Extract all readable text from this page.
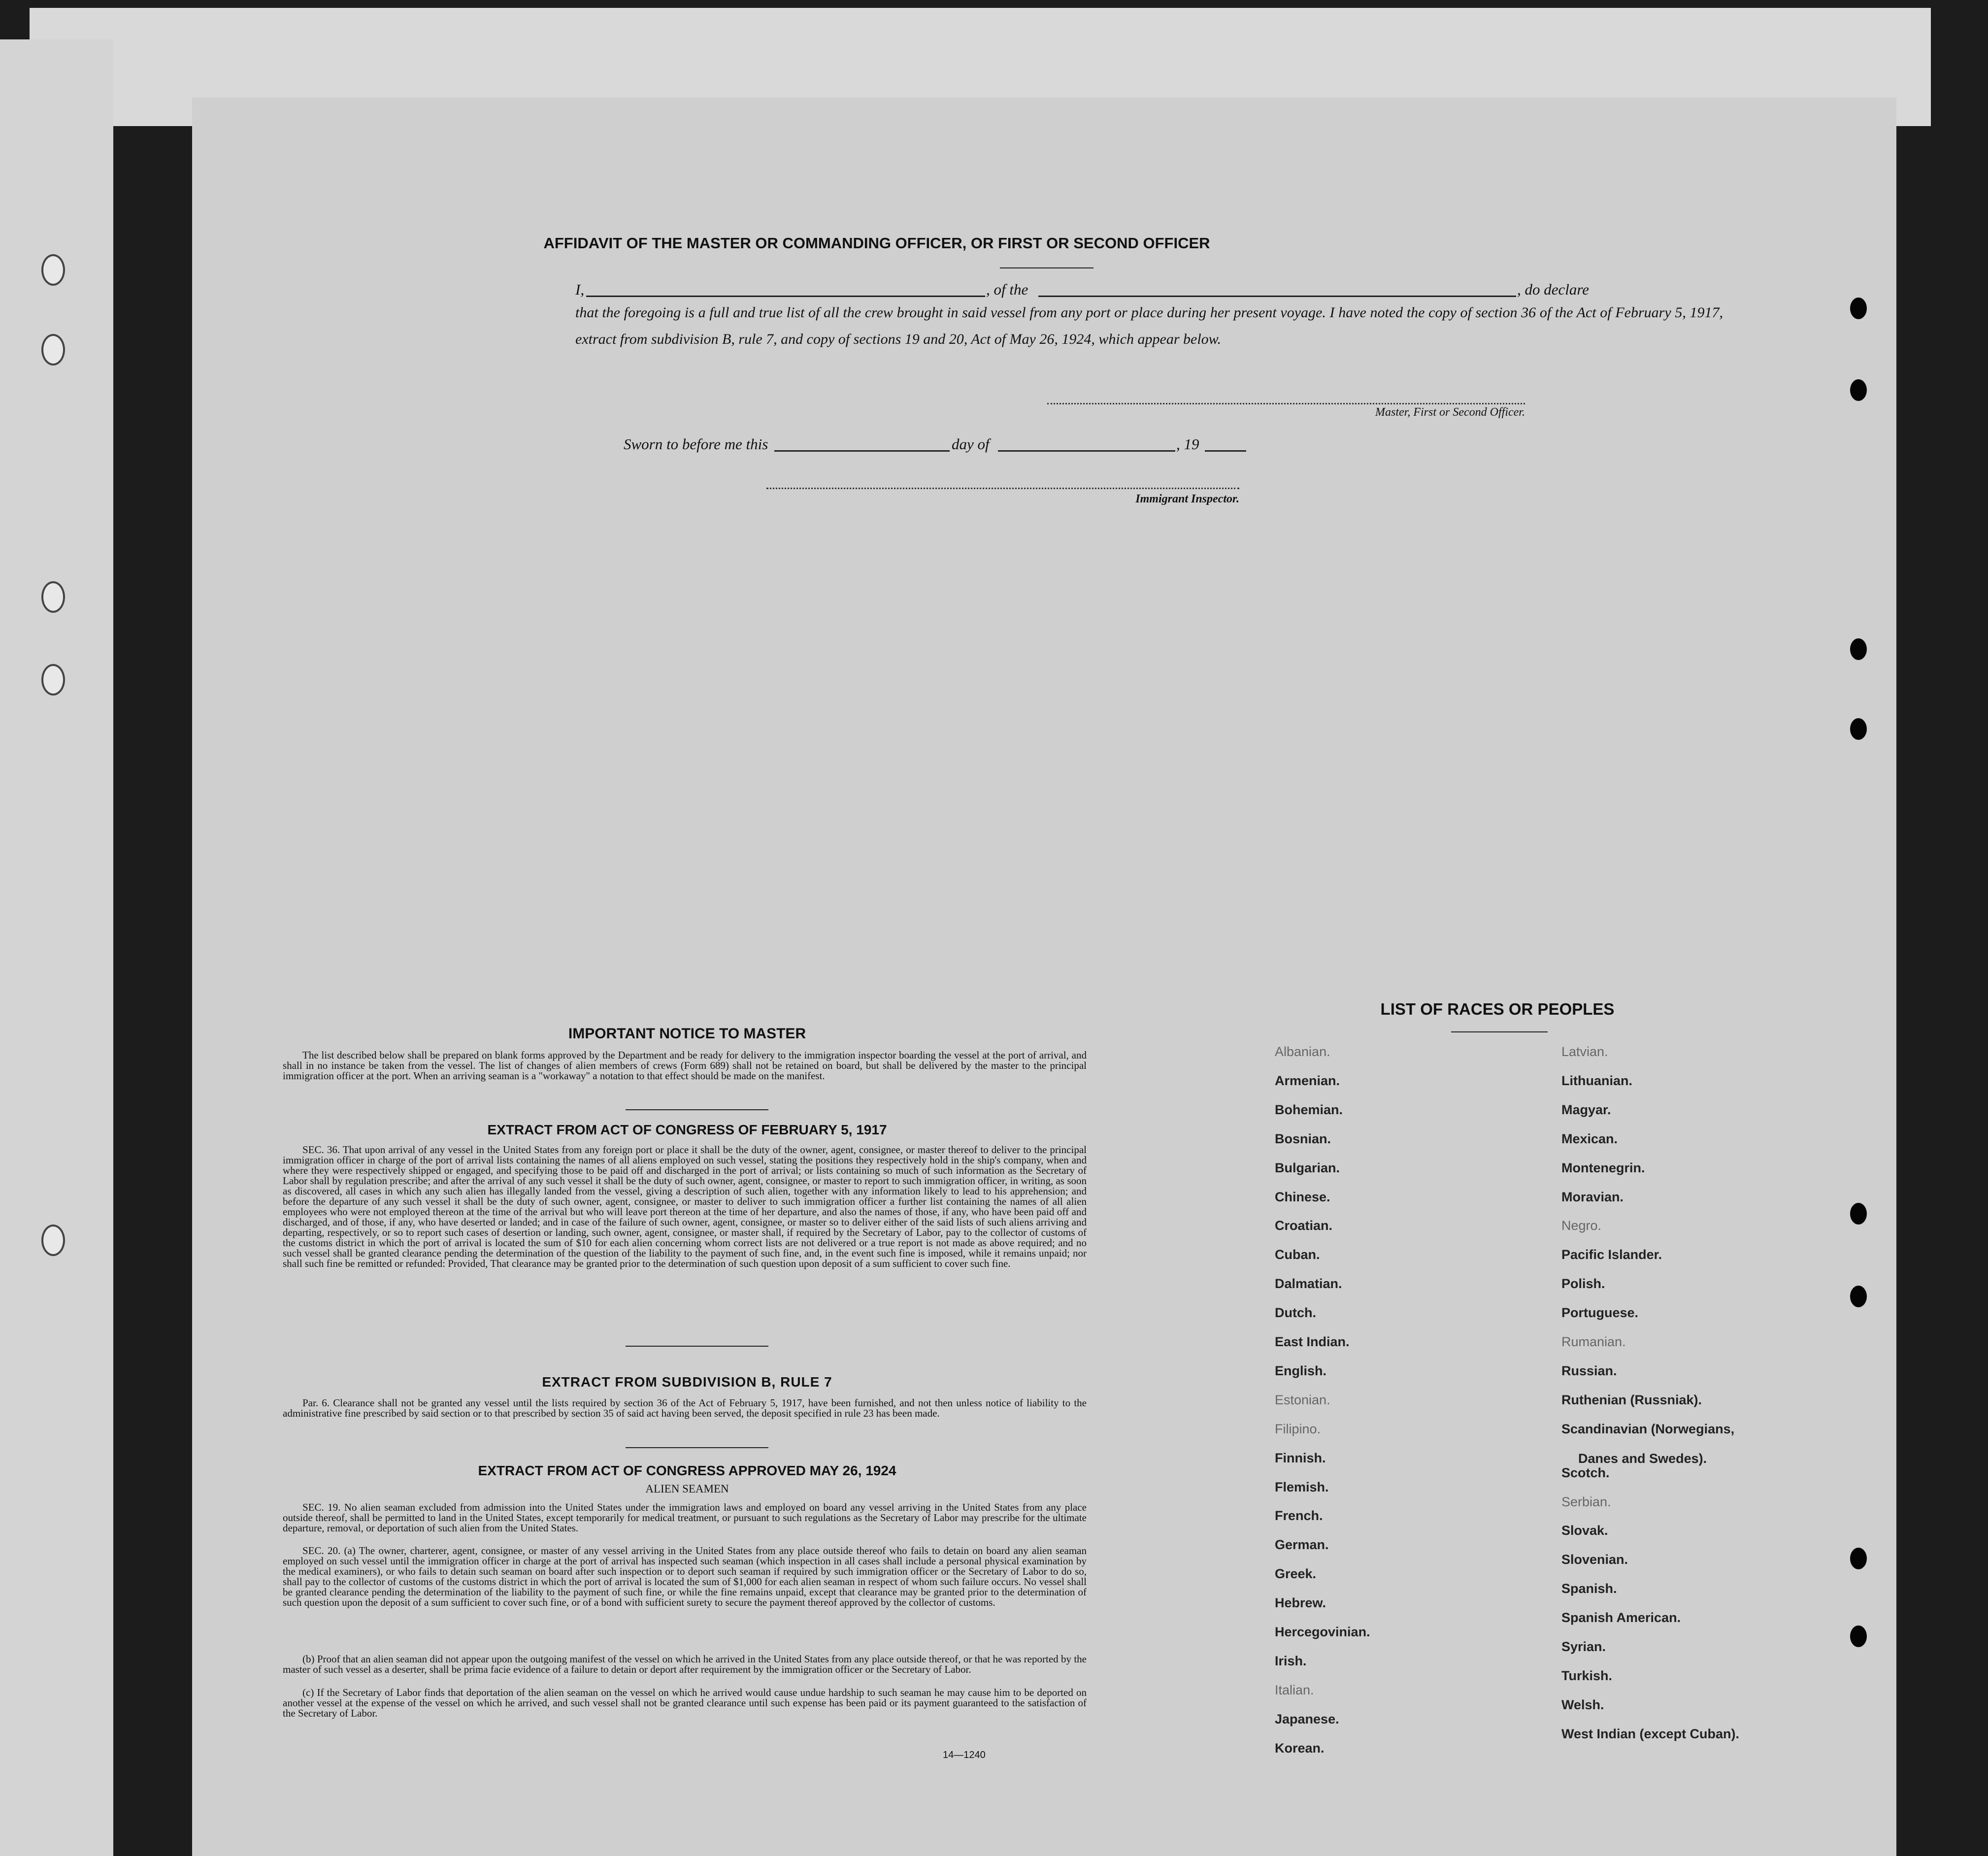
AFFIDAVIT OF THE MASTER OR COMMANDING OFFICER, OR FIRST OR SECOND OFFICER
I,	, of the	, do declare
that the foregoing is a full and true list of all the crew brought in said vessel from any port or place during her present voyage. I have noted the copy of section 36 of the Act of February 5, 1917, extract from subdivision B, rule 7, and copy of sections 19 and 20, Act of May 26, 1924, which appear below.
Master, First or Second Officer.
Sworn to before me this	day of	, 19
Immigrant Inspector.
IMPORTANT NOTICE TO MASTER
The list described below shall be prepared on blank forms approved by the Department and be ready for delivery to the immigration inspector boarding the vessel at the port of arrival, and shall in no instance be taken from the vessel. The list of changes of alien members of crews (Form 689) shall not be retained on board, but shall be delivered by the master to the principal immigration officer at the port. When an arriving seaman is a "workaway" a notation to that effect should be made on the manifest.
EXTRACT FROM ACT OF CONGRESS OF FEBRUARY 5, 1917
SEC. 36. That upon arrival of any vessel in the United States from any foreign port or place it shall be the duty of the owner, agent, consignee, or master thereof to deliver to the principal immigration officer in charge of the port of arrival lists containing the names of all aliens employed on such vessel, stating the positions they respectively hold in the ship's company, when and where they were respectively shipped or engaged, and specifying those to be paid off and discharged in the port of arrival; or lists containing so much of such information as the Secretary of Labor shall by regulation prescribe; and after the arrival of any such vessel it shall be the duty of such owner, agent, consignee, or master to report to such immigration officer, in writing, as soon as discovered, all cases in which any such alien has illegally landed from the vessel, giving a description of such alien, together with any information likely to lead to his apprehension; and before the departure of any such vessel it shall be the duty of such owner, agent, consignee, or master to deliver to such immigration officer a further list containing the names of all alien employees who were not employed thereon at the time of the arrival but who will leave port thereon at the time of her departure, and also the names of those, if any, who have been paid off and discharged, and of those, if any, who have deserted or landed; and in case of the failure of such owner, agent, consignee, or master so to deliver either of the said lists of such aliens arriving and departing, respectively, or so to report such cases of desertion or landing, such owner, agent, consignee, or master shall, if required by the Secretary of Labor, pay to the collector of customs of the customs district in which the port of arrival is located the sum of $10 for each alien concerning whom correct lists are not delivered or a true report is not made as above required; and no such vessel shall be granted clearance pending the determination of the question of the liability to the payment of such fine, and, in the event such fine is imposed, while it remains unpaid; nor shall such fine be remitted or refunded: Provided, That clearance may be granted prior to the determination of such question upon deposit of a sum sufficient to cover such fine.
EXTRACT FROM SUBDIVISION B, RULE 7
Par. 6. Clearance shall not be granted any vessel until the lists required by section 36 of the Act of February 5, 1917, have been furnished, and not then unless notice of liability to the administrative fine prescribed by said section or to that prescribed by section 35 of said act having been served, the deposit specified in rule 23 has been made.
EXTRACT FROM ACT OF CONGRESS APPROVED MAY 26, 1924
ALIEN SEAMEN
SEC. 19. No alien seaman excluded from admission into the United States under the immigration laws and employed on board any vessel arriving in the United States from any place outside thereof, shall be permitted to land in the United States, except temporarily for medical treatment, or pursuant to such regulations as the Secretary of Labor may prescribe for the ultimate departure, removal, or deportation of such alien from the United States.
SEC. 20. (a) The owner, charterer, agent, consignee, or master of any vessel arriving in the United States from any place outside thereof who fails to detain on board any alien seaman employed on such vessel until the immigration officer in charge at the port of arrival has inspected such seaman (which inspection in all cases shall include a personal physical examination by the medical examiners), or who fails to detain such seaman on board after such inspection or to deport such seaman if required by such immigration officer or the Secretary of Labor to do so, shall pay to the collector of customs of the customs district in which the port of arrival is located the sum of $1,000 for each alien seaman in respect of whom such failure occurs. No vessel shall be granted clearance pending the determination of the liability to the payment of such fine, or while the fine remains unpaid, except that clearance may be granted prior to the determination of such question upon the deposit of a sum sufficient to cover such fine, or of a bond with sufficient surety to secure the payment thereof approved by the collector of customs.
(b) Proof that an alien seaman did not appear upon the outgoing manifest of the vessel on which he arrived in the United States from any place outside thereof, or that he was reported by the master of such vessel as a deserter, shall be prima facie evidence of a failure to detain or deport after requirement by the immigration officer or the Secretary of Labor.
(c) If the Secretary of Labor finds that deportation of the alien seaman on the vessel on which he arrived would cause undue hardship to such seaman he may cause him to be deported on another vessel at the expense of the vessel on which he arrived, and such vessel shall not be granted clearance until such expense has been paid or its payment guaranteed to the satisfaction of the Secretary of Labor.
14—1240
LIST OF RACES OR PEOPLES
Albanian.
Armenian.
Bohemian.
Bosnian.
Bulgarian.
Chinese.
Croatian.
Cuban.
Dalmatian.
Dutch.
East Indian.
English.
Estonian.
Filipino.
Finnish.
Flemish.
French.
German.
Greek.
Hebrew.
Hercegovinian.
Irish.
Italian.
Japanese.
Korean.
Latvian.
Lithuanian.
Magyar.
Mexican.
Montenegrin.
Moravian.
Negro.
Pacific Islander.
Polish.
Portuguese.
Rumanian.
Russian.
Ruthenian (Russniak).
Scandinavian (Norwegians,
Danes and Swedes).
Scotch.
Serbian.
Slovak.
Slovenian.
Spanish.
Spanish American.
Syrian.
Turkish.
Welsh.
West Indian (except Cuban).
